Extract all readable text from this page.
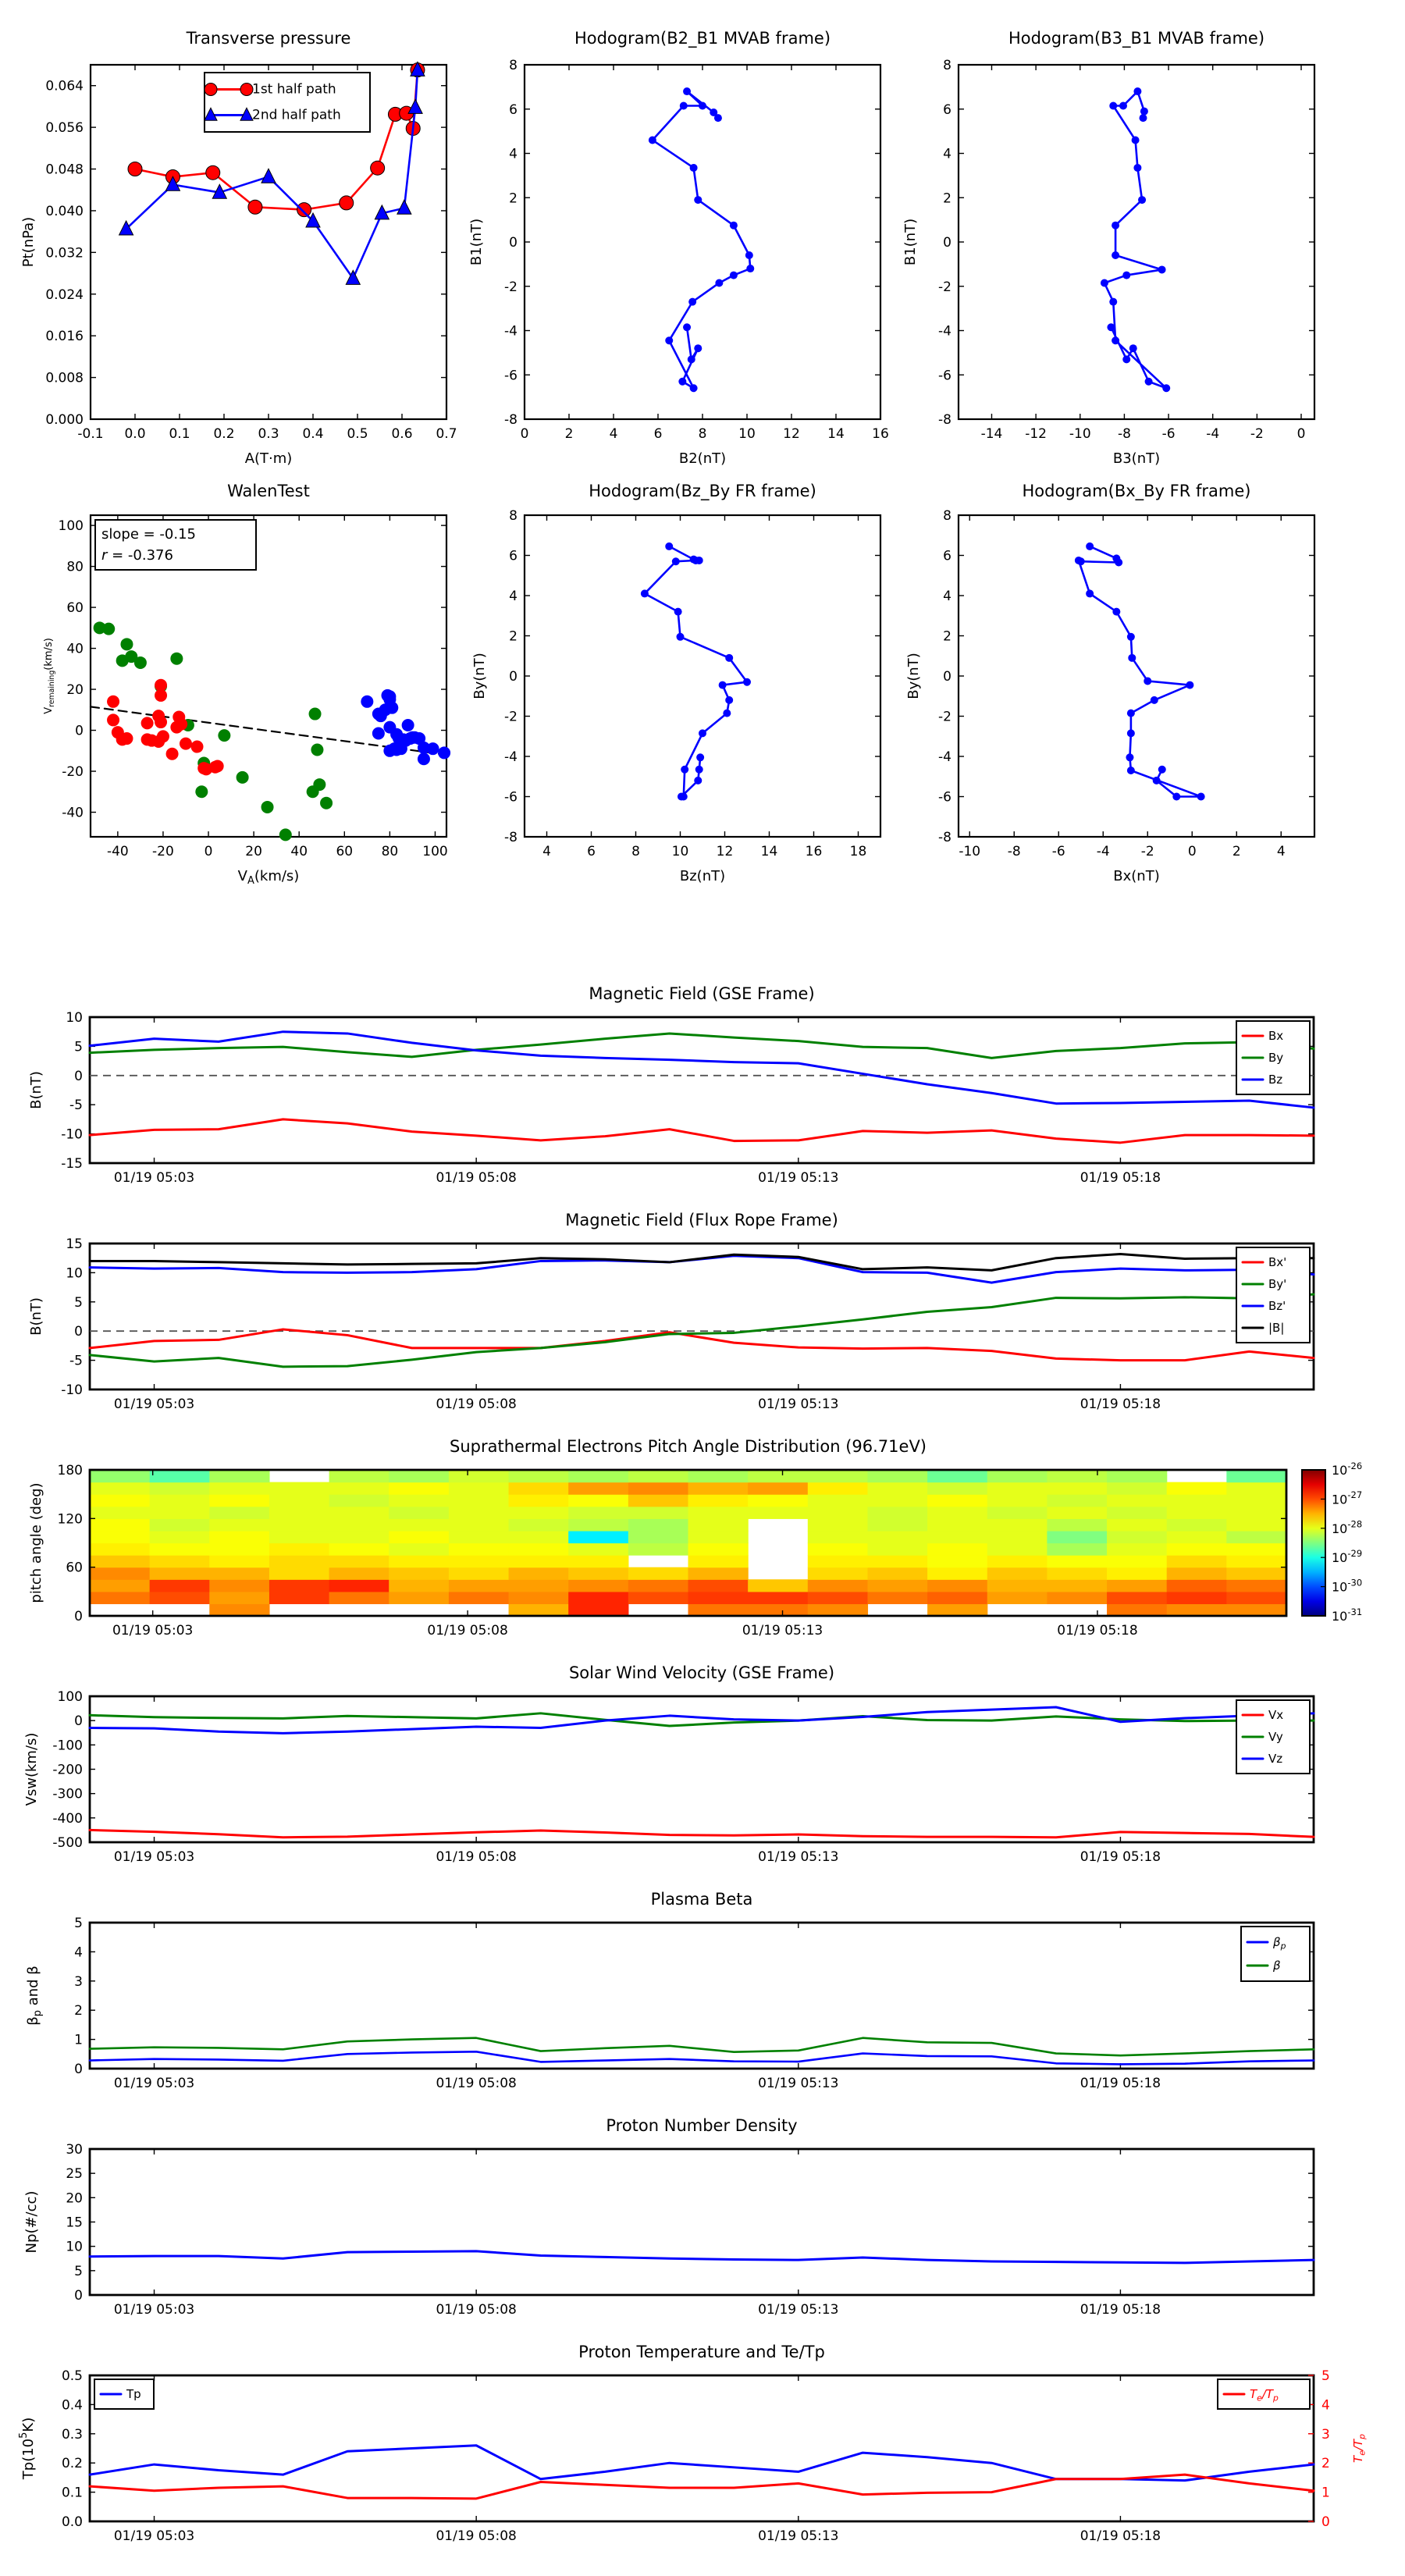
-0.1 0.0 0.1 0.2 0.3 0.4 0.5 0.6 0.7
0.000
0.008
0.016
0.024
0.032
0.040
0.048
0.056
0.064
A(T·m)
Pt(nPa)
1st half path
2nd half path
0	2	4	6	8 10 12 14 16
-8
-6
-4
-2
0
2
4
6
8
B2(nT)
B1(nT)
-14 -12 -10 -8 -6 -4 -2	0
-8
-6
-4
-2
0
2
4
6
8
B3(nT)
B1(nT)
-40 -20 0 20 40 60 80 100
-40
-20
0
20
40
60
80
100
$V_A(km/s)$
$V_{remaining}(km/s)$
slope = -0.15
r = -0.376
4	6	8 10 12 14 16 18
-8
-6
-4
-2
0
2
4
6
8
Bz(nT)
By(nT)
-10 -8 -6 -4 -2	0	2	4
-8
-6
-4
-2
0
2
4
6
8
Bx(nT)
By(nT)
01/19 05:03	01/19 05:08	01/19 05:13	01/19 05:18
-15
-10
-5
0
5
10
B(nT)
Bx
By
Bz
01/19 05:03	01/19 05:08	01/19 05:13	01/19 05:18
-10
-5
0
5
10
15
B(nT)
Bx'
By'
Bz'
|B|
01/19 05:03	01/19 05:08	01/19 05:13	01/19 05:18
0
60
120
180
pitch angle (deg)
$10^{-26}$
$10^{-27}$
$10^{-28}$
$10^{-29}$
$10^{-30}$
$10^{-31}$
01/19 05:03	01/19 05:08	01/19 05:13	01/19 05:18
-500
-400
-300
-200
-100
0
100
Vsw(km/s)
Vx
Vy
Vz
01/19 05:03	01/19 05:08	01/19 05:13	01/19 05:18
0
1
2
3
4
5
$\beta_p$ and β
$\beta_p$
β
01/19 05:03	01/19 05:08	01/19 05:13	01/19 05:18
0
5
10
15
20
25
30
Np(#/cc)
01/19 05:03	01/19 05:08	01/19 05:13	01/19 05:18
0.0
0.1
0.2
0.3
0.4
0.5
$Tp(10^5K)$
0
1
2
3
4
5
$T_e/T_p$
Tp	$T_e/T_p$
Transverse pressure	Hodogram(B2_B1 MVAB frame)	Hodogram(B3_B1 MVAB frame)
WalenTest	Hodogram(Bz_By FR frame)	Hodogram(Bx_By FR frame)
Magnetic Field (GSE Frame)
Magnetic Field (Flux Rope Frame)
Suprathermal Electrons Pitch Angle Distribution (96.71eV)
Solar Wind Velocity (GSE Frame)
Plasma Beta
Proton Number Density
Proton Temperature and Te/Tp
